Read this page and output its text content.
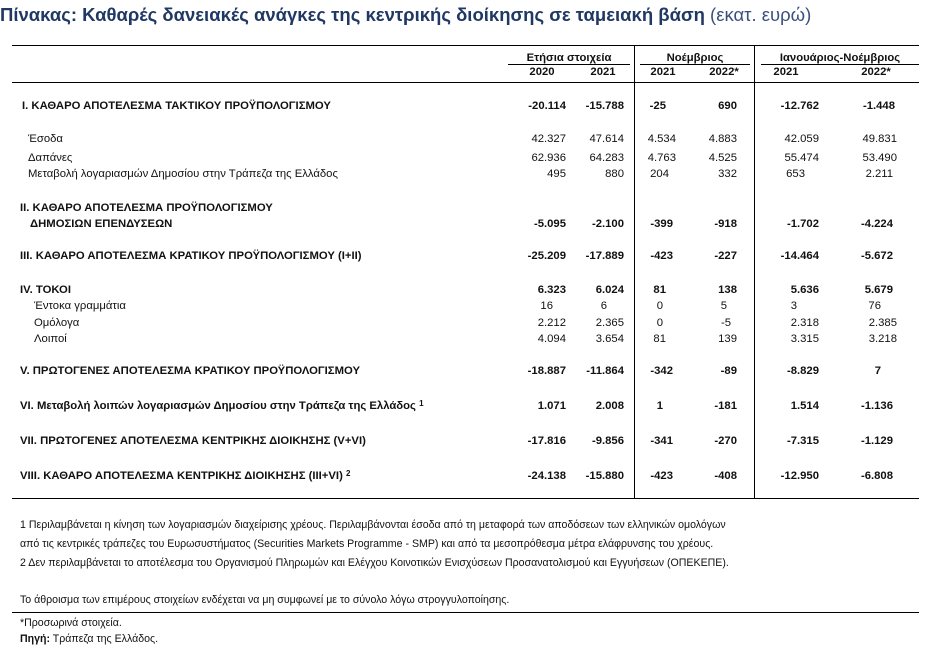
Πίνακας: Καθαρές δανειακές ανάγκες της κεντρικής διοίκησης σε ταμειακή βάση (εκατ. ευρώ)
Ετήσια στοιχεία	Νοέμβριος	Ιανουάριος-Νοέμβριος
2020	2021	2021	2022*	2021	2022*
I. ΚΑΘΑΡΟ ΑΠΟΤΕΛΕΣΜΑ ΤΑΚΤΙΚΟΥ ΠΡΟΫΠΟΛΟΓΙΣΜΟΥ	-20.114 -15.788 -25	690	-12.762	-1.448
Έσοδα	42.327 47.614 4.534	4.883	42.059	49.831
Δαπάνες	62.936 64.283 4.763	4.525	55.474	53.490
Μεταβολή λογαριασμών Δημοσίου στην Τράπεζα της Ελλάδος	495	880 204	332	653	2.211
II. ΚΑΘΑΡΟ ΑΠΟΤΕΛΕΣΜΑ ΠΡΟΫΠΟΛΟΓΙΣΜΟΥ
ΔΗΜΟΣΙΩΝ ΕΠΕΝΔΥΣΕΩΝ	-5.095 -2.100 -399	-918	-1.702	-4.224
III. ΚΑΘΑΡΟ ΑΠΟΤΕΛΕΣΜΑ ΚΡΑΤΙΚΟΥ ΠΡΟΫΠΟΛΟΓΙΣΜΟΥ (I+II)	-25.209 -17.889 -423	-227	-14.464	-5.672
IV. ΤΟΚΟΙ	6.323	6.024	81	138	5.636	5.679
Έντοκα γραμμάτια	16	6	0	5	3	76
Ομόλογα	2.212	2.365	0	-5	2.318	2.385
Λοιποί	4.094	3.654	81	139	3.315	3.218
V. ΠΡΩΤΟΓΕΝΕΣ ΑΠΟΤΕΛΕΣΜΑ ΚΡΑΤΙΚΟΥ ΠΡΟΫΠΟΛΟΓΙΣΜΟΥ	-18.887 -11.864 -342	-89	-8.829	7
VI. Μεταβολή λοιπών λογαριασμών Δημοσίου στην Τράπεζα της Ελλάδος $^1$	1.071	2.008	1	-181	1.514	-1.136
VII. ΠΡΩΤΟΓΕΝΕΣ ΑΠΟΤΕΛΕΣΜΑ ΚΕΝΤΡΙΚΗΣ ΔΙΟΙΚΗΣΗΣ (V+VI)	-17.816 -9.856 -341	-270	-7.315	-1.129
VIII. ΚΑΘΑΡΟ ΑΠΟΤΕΛΕΣΜΑ ΚΕΝΤΡΙΚΗΣ ΔΙΟΙΚΗΣΗΣ (III+VI) $^2$	-24.138 -15.880 -423	-408	-12.950	-6.808
1 Περιλαμβάνεται η κίνηση των λογαριασμών διαχείρισης χρέους. Περιλαμβάνονται έσοδα από τη μεταφορά των αποδόσεων των ελληνικών ομολόγων
από τις κεντρικές τράπεζες του Ευρωσυστήματος (Securities Markets Programme - SMP) και από τα μεσοπρόθεσμα μέτρα ελάφρυνσης του χρέους.
2 Δεν περιλαμβάνεται το αποτέλεσμα του Οργανισμού Πληρωμών και Ελέγχου Κοινοτικών Ενισχύσεων Προσανατολισμού και Εγγυήσεων (ΟΠΕΚΕΠΕ).
Το άθροισμα των επιμέρους στοιχείων ενδέχεται να μη συμφωνεί με το σύνολο λόγω στρογγυλοποίησης.
*Προσωρινά στοιχεία.
Πηγή: Τράπεζα της Ελλάδος.
